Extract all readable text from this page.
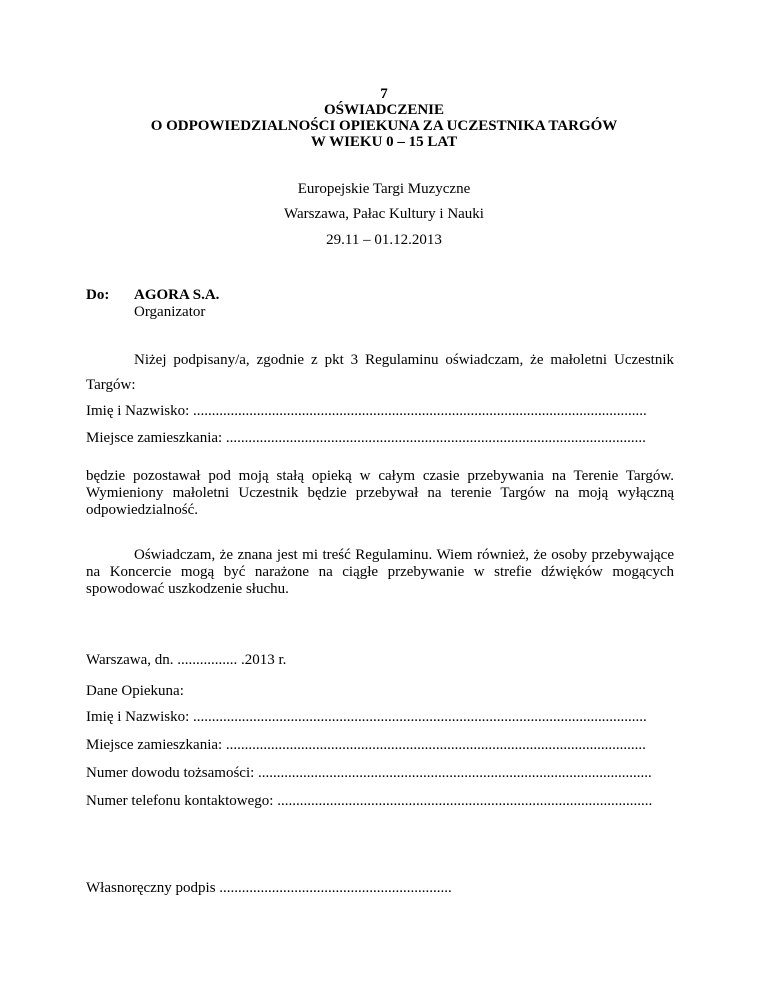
7
OŚWIADCZENIE
O ODPOWIEDZIALNOŚCI OPIEKUNA ZA UCZESTNIKA TARGÓW
W WIEKU 0 – 15 LAT
Europejskie Targi Muzyczne
Warszawa, Pałac Kultury i Nauki
29.11 – 01.12.2013
Do: AGORA S.A.
Organizator
Niżej podpisany/a, zgodnie z pkt 3 Regulaminu oświadczam, że małoletni Uczestnik
Targów:
Imię i Nazwisko: .........................................................................................................................
Miejsce zamieszkania: ................................................................................................................
będzie pozostawał pod moją stałą opieką w całym czasie przebywania na Terenie Targów. Wymieniony małoletni Uczestnik będzie przebywał na terenie Targów na moją wyłączną odpowiedzialność.
Oświadczam, że znana jest mi treść Regulaminu. Wiem również, że osoby przebywające na Koncercie mogą być narażone na ciągłe przebywanie w strefie dźwięków mogących spowodować uszkodzenie słuchu.
Warszawa, dn. ................ .2013 r.
Dane Opiekuna:
Imię i Nazwisko: .........................................................................................................................
Miejsce zamieszkania: ................................................................................................................
Numer dowodu tożsamości: .........................................................................................................
Numer telefonu kontaktowego: ....................................................................................................
Własnoręczny podpis ..............................................................
